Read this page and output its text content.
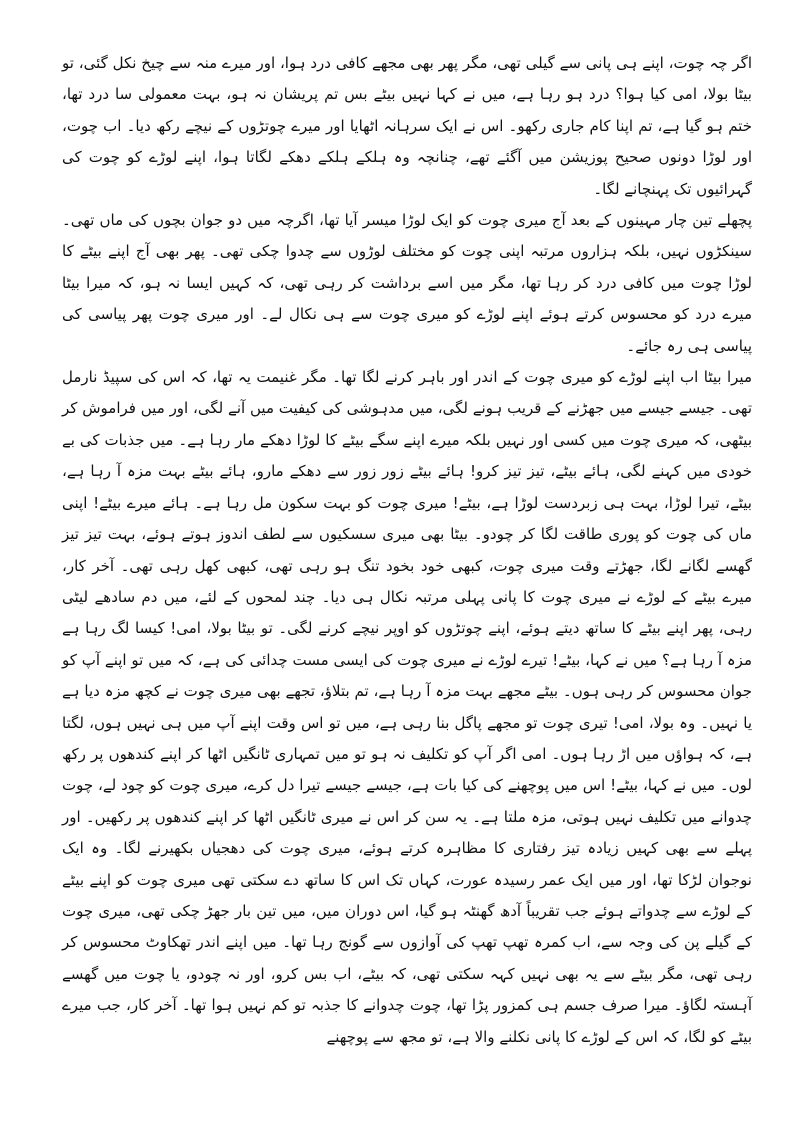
اگر چہ چوت، اپنے ہی پانی سے گیلی تھی، مگر پھر بھی مجھے کافی درد ہوا، اور میرے منہ سے چیخ نکل گئی، تو بیٹا بولا، امی کیا ہوا؟ درد ہو رہا ہے، میں نے کہا نہیں بیٹے بس تم پریشان نہ ہو، بہت معمولی سا درد تھا، ختم ہو گیا ہے، تم اپنا کام جاری رکھو۔ اس نے ایک سرہانہ اٹھایا اور میرے چوتڑوں کے نیچے رکھ دیا۔ اب چوت، اور لوڑا دونوں صحیح پوزیشن میں آگئے تھے، چنانچہ وہ ہلکے ہلکے دھکے لگاتا ہوا، اپنے لوڑے کو چوت کی گہرائیوں تک پہنچانے لگا۔

پچھلے تین چار مہینوں کے بعد آج میری چوت کو ایک لوڑا میسر آیا تھا، اگرچہ میں دو جوان بچوں کی ماں تھی۔ سینکڑوں نہیں، بلکہ ہزاروں مرتبہ اپنی چوت کو مختلف لوڑوں سے چدوا چکی تھی۔ پھر بھی آج اپنے بیٹے کا لوڑا چوت میں کافی درد کر رہا تھا، مگر میں اسے برداشت کر رہی تھی، کہ کہیں ایسا نہ ہو، کہ میرا بیٹا میرے درد کو محسوس کرتے ہوئے اپنے لوڑے کو میری چوت سے ہی نکال لے۔ اور میری چوت پھر پیاسی کی پیاسی ہی رہ جائے۔

میرا بیٹا اب اپنے لوڑے کو میری چوت کے اندر اور باہر کرنے لگا تھا۔ مگر غنیمت یہ تھا، کہ اس کی سپیڈ نارمل تھی۔ جیسے جیسے میں جھڑنے کے قریب ہونے لگی، میں مدہوشی کی کیفیت میں آنے لگی، اور میں فراموش کر بیٹھی، کہ میری چوت میں کسی اور نہیں بلکہ میرے اپنے سگے بیٹے کا لوڑا دھکے مار رہا ہے۔ میں جذبات کی بے خودی میں کہنے لگی، ہائے بیٹے، تیز تیز کرو! ہائے بیٹے زور زور سے دھکے مارو، ہائے بیٹے بہت مزہ آ رہا ہے، بیٹے، تیرا لوڑا، بہت ہی زبردست لوڑا ہے، بیٹے! میری چوت کو بہت سکون مل رہا ہے۔ ہائے میرے بیٹے! اپنی ماں کی چوت کو پوری طاقت لگا کر چودو۔ بیٹا بھی میری سسکیوں سے لطف اندوز ہوتے ہوئے، بہت تیز تیز گھسے لگانے لگا، جھڑتے وقت میری چوت، کبھی خود بخود تنگ ہو رہی تھی، کبھی کھل رہی تھی۔ آخر کار، میرے بیٹے کے لوڑے نے میری چوت کا پانی پہلی مرتبہ نکال ہی دیا۔ چند لمحوں کے لئے، میں دم سادھے لیٹی رہی، پھر اپنے بیٹے کا ساتھ دیتے ہوئے، اپنے چوتڑوں کو اوپر نیچے کرنے لگی۔ تو بیٹا بولا، امی! کیسا لگ رہا ہے مزہ آ رہا ہے؟ میں نے کہا، بیٹے! تیرے لوڑے نے میری چوت کی ایسی مست چدائی کی ہے، کہ میں تو اپنے آپ کو جوان محسوس کر رہی ہوں۔ بیٹے مجھے بہت مزہ آ رہا ہے، تم بتلاؤ، تجھے بھی میری چوت نے کچھ مزہ دیا ہے یا نہیں۔ وہ بولا، امی! تیری چوت تو مجھے پاگل بنا رہی ہے، میں تو اس وقت اپنے آپ میں ہی نہیں ہوں، لگتا ہے، کہ ہواؤں میں اڑ رہا ہوں۔ امی اگر آپ کو تکلیف نہ ہو تو میں تمہاری ٹانگیں اٹھا کر اپنے کندھوں پر رکھ لوں۔ میں نے کہا، بیٹے! اس میں پوچھنے کی کیا بات ہے، جیسے جیسے تیرا دل کرے، میری چوت کو چود لے، چوت چدوانے میں تکلیف نہیں ہوتی، مزہ ملتا ہے۔ یہ سن کر اس نے میری ٹانگیں اٹھا کر اپنے کندھوں پر رکھیں۔ اور پہلے سے بھی کہیں زیادہ تیز رفتاری کا مظاہرہ کرتے ہوئے، میری چوت کی دھجیاں بکھیرنے لگا۔ وہ ایک نوجوان لڑکا تھا، اور میں ایک عمر رسیدہ عورت، کہاں تک اس کا ساتھ دے سکتی تھی میری چوت کو اپنے بیٹے کے لوڑے سے چدواتے ہوئے جب تقریباً آدھ گھنٹہ ہو گیا، اس دوران میں، میں تین بار جھڑ چکی تھی، میری چوت کے گیلے پن کی وجہ سے، اب کمرہ تھپ تھپ کی آوازوں سے گونج رہا تھا۔ میں اپنے اندر تھکاوٹ محسوس کر رہی تھی، مگر بیٹے سے یہ بھی نہیں کہہ سکتی تھی، کہ بیٹے، اب بس کرو، اور نہ چودو، یا چوت میں گھسے آہستہ لگاؤ۔ میرا صرف جسم ہی کمزور پڑا تھا، چوت چدوانے کا جذبہ تو کم نہیں ہوا تھا۔ آخر کار، جب میرے بیٹے کو لگا، کہ اس کے لوڑے کا پانی نکلنے والا ہے، تو مجھ سے پوچھنے
